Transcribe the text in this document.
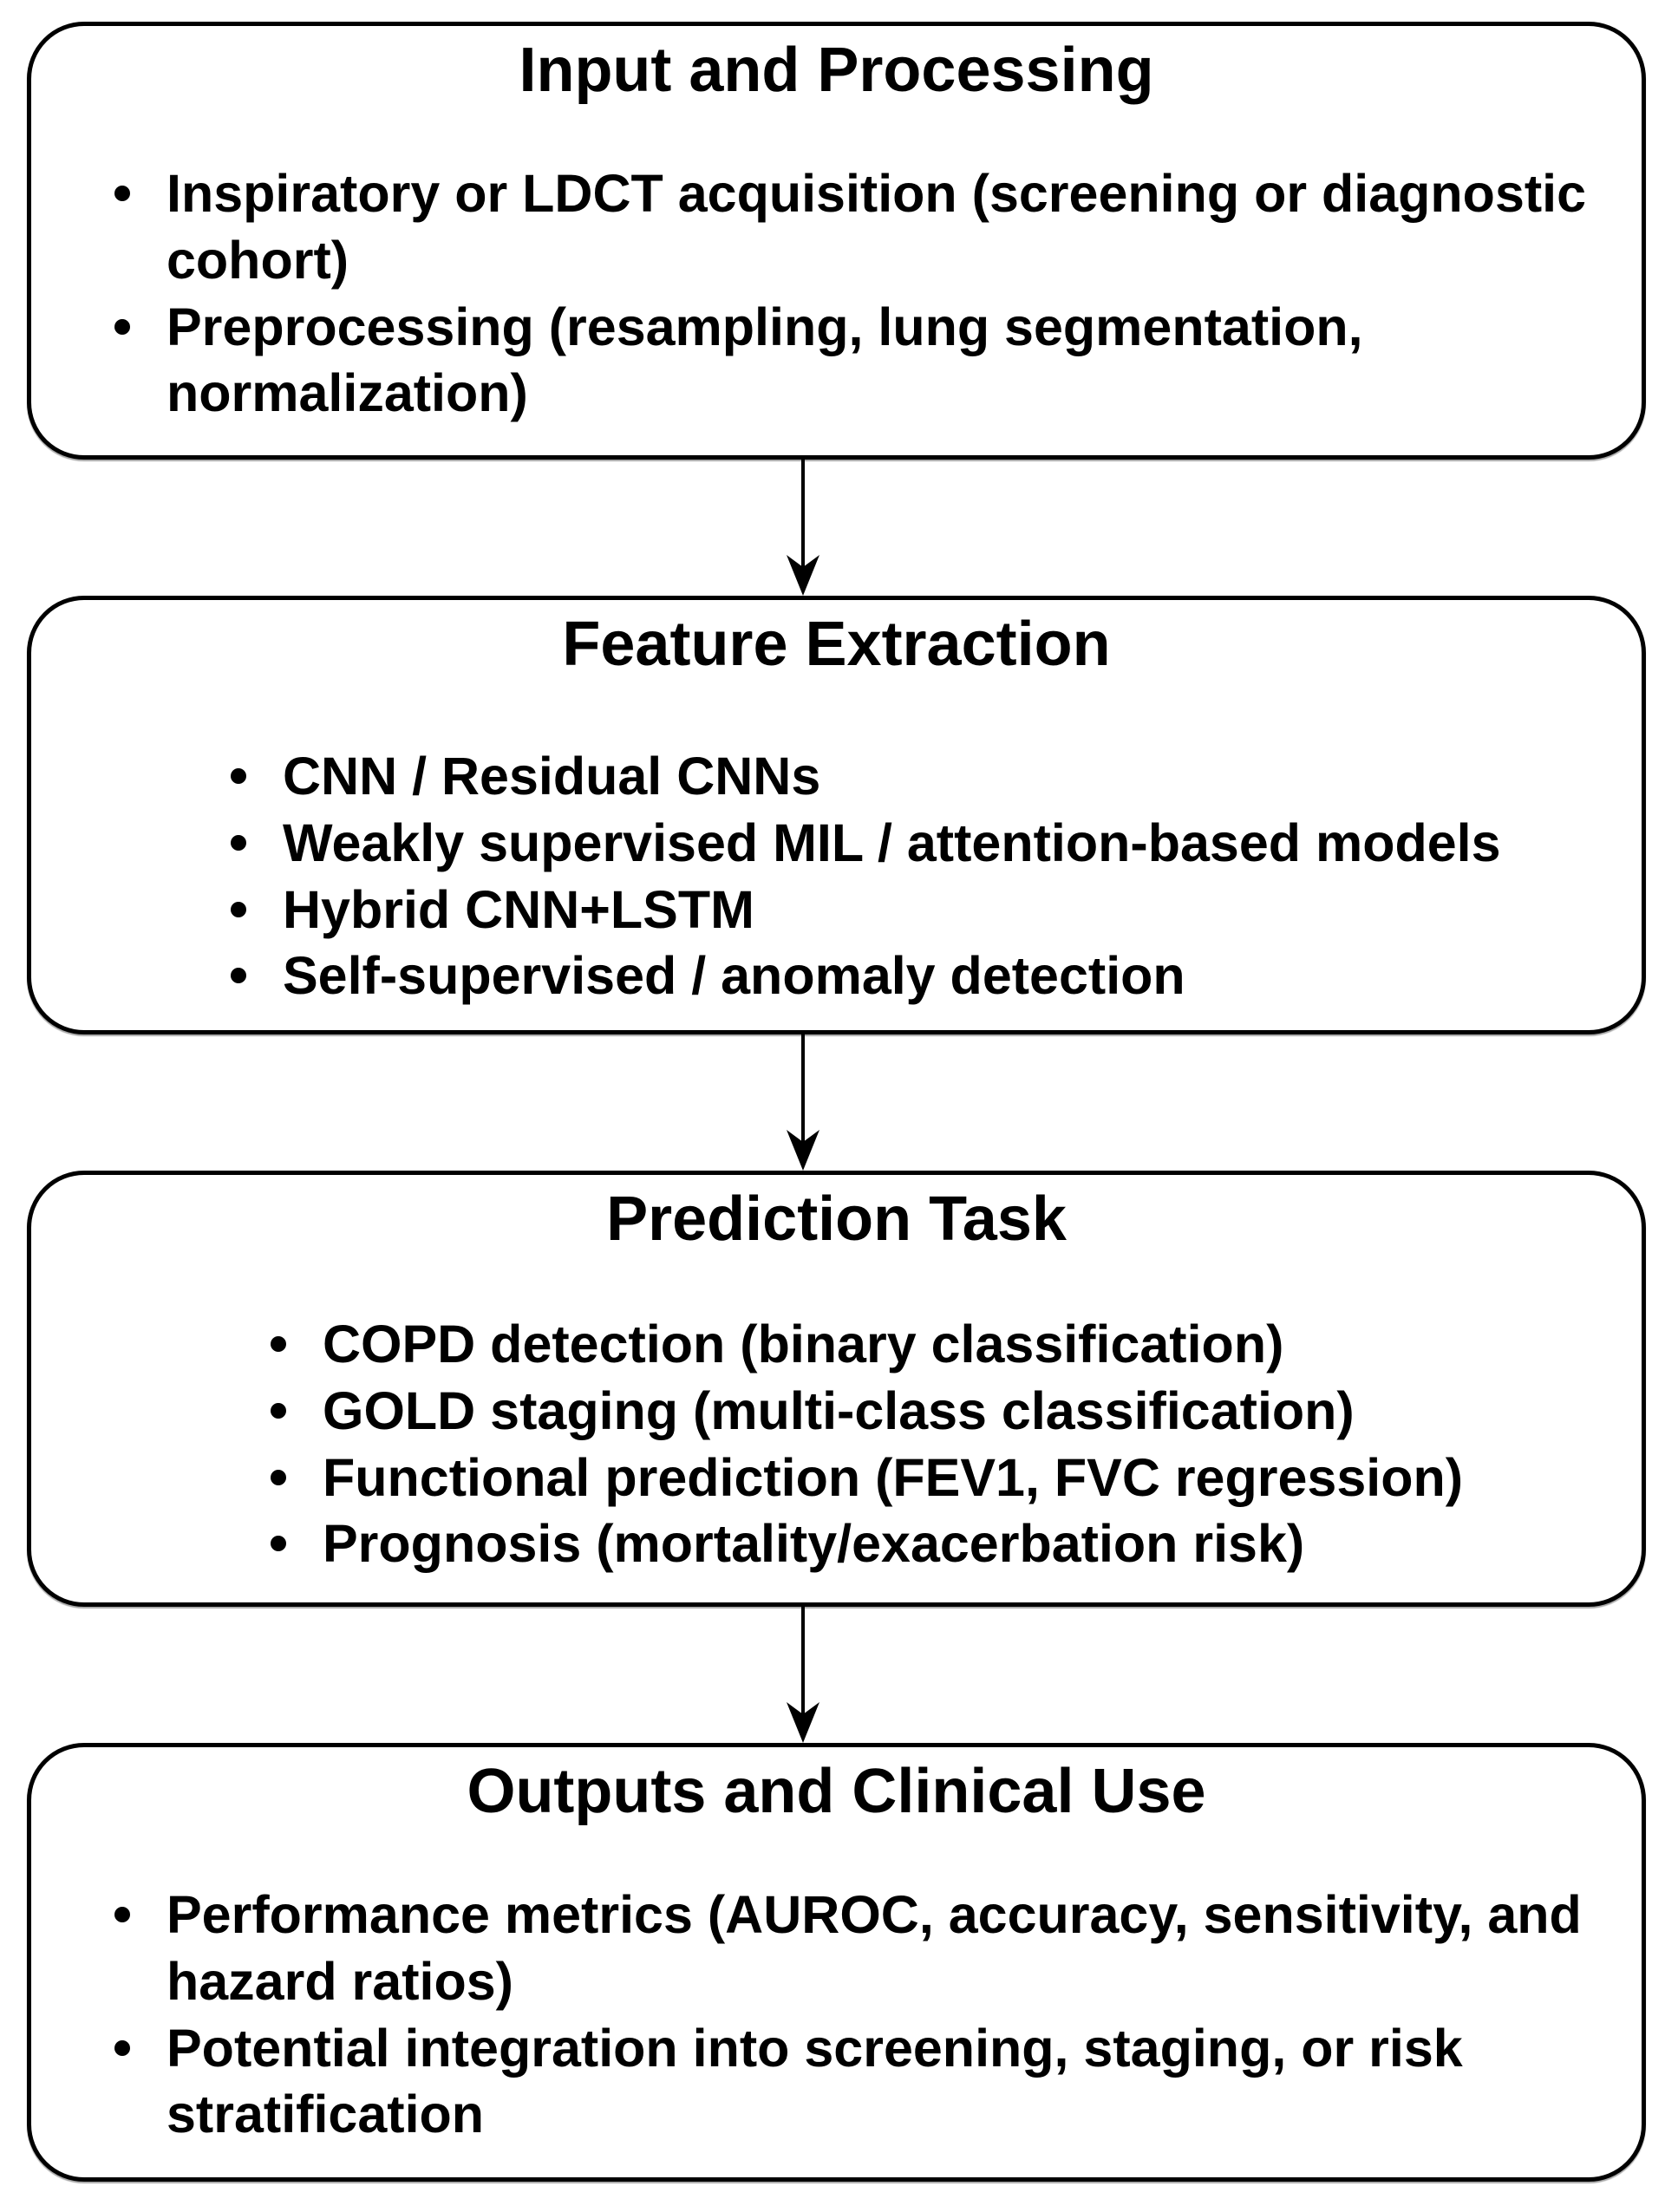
Input and Processing
Inspiratory or LDCT acquisition (screening or diagnostic cohort)
Preprocessing (resampling, lung segmentation, normalization)
Feature Extraction
CNN / Residual CNNs
Weakly supervised MIL / attention-based models
Hybrid CNN+LSTM
Self-supervised / anomaly detection
Prediction Task
COPD detection (binary classification)
GOLD staging (multi-class classification)
Functional prediction (FEV1, FVC regression)
Prognosis (mortality/exacerbation risk)
Outputs and Clinical Use
Performance metrics (AUROC, accuracy, sensitivity, and hazard ratios)
Potential integration into screening, staging, or risk stratification
